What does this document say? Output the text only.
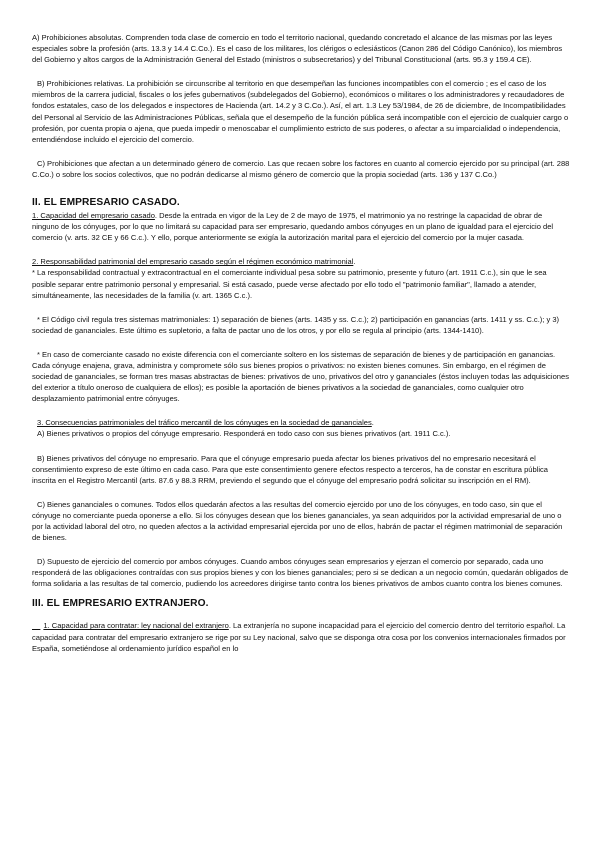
A) Prohibiciones absolutas. Comprenden toda clase de comercio en todo el territorio nacional, quedando concretado el alcance de las mismas por las leyes especiales sobre la profesión (arts. 13.3 y 14.4 C.Co.). Es el caso de los militares, los clérigos o eclesiásticos (Canon 286 del Código Canónico), los miembros del Gobierno y altos cargos de la Administración General del Estado (ministros o subsecretarios) y del Tribunal Constitucional (arts. 95.3 y 159.4 CE).

B) Prohibiciones relativas. La prohibición se circunscribe al territorio en que desempeñan las funciones incompatibles con el comercio ; es el caso de los miembros de la carrera judicial, fiscales o los jefes gubernativos (subdelegados del Gobierno), económicos o militares o los administradores y recaudadores de fondos estatales, caso de los delegados e inspectores de Hacienda (art. 14.2 y 3 C.Co.). Así, el art. 1.3 Ley 53/1984, de 26 de diciembre, de Incompatibilidades del Personal al Servicio de las Administraciones Públicas, señala que el desempeño de la función pública será incompatible con el ejercicio de cualquier cargo o profesión, por cuenta propia o ajena, que pueda impedir o menoscabar el cumplimiento estricto de sus poderes, o afectar a su imparcialidad o independencia, entendiéndose incluido el ejercicio del comercio.

C) Prohibiciones que afectan a un determinado género de comercio. Las que recaen sobre los factores en cuanto al comercio ejercido por su principal (art. 288 C.Co.) o sobre los socios colectivos, que no podrán dedicarse al mismo género de comercio que la propia sociedad (arts. 136 y 137 C.Co.)

II. EL EMPRESARIO CASADO.

1. Capacidad del empresario casado. Desde la entrada en vigor de la Ley de 2 de mayo de 1975, el matrimonio ya no restringe la capacidad de obrar de ninguno de los cónyuges, por lo que no limitará su capacidad para ser empresario, quedando ambos cónyuges en un plano de igualdad para el ejercicio del comercio (v. arts. 32 CE y 66 C.c.). Y ello, porque anteriormente se exigía la autorización marital para el ejercicio del comercio por la mujer casada.

2. Responsabilidad patrimonial del empresario casado según el régimen económico matrimonial.

* La responsabilidad contractual y extracontractual en el comerciante individual pesa sobre su patrimonio, presente y futuro (art. 1911 C.c.), sin que le sea posible separar entre patrimonio personal y empresarial. Si está casado, puede verse afectado por ello todo el "patrimonio familiar", llamado a atender, simultáneamente, las necesidades de la familia (v. art. 1365 C.c.).

* El Código civil regula tres sistemas matrimoniales: 1) separación de bienes (arts. 1435 y ss. C.c.); 2) participación en ganancias (arts. 1411 y ss. C.c.); y 3) sociedad de gananciales. Este último es supletorio, a falta de pactar uno de los otros, y por ello se regula al principio (arts. 1344-1410).

* En caso de comerciante casado no existe diferencia con el comerciante soltero en los sistemas de separación de bienes y de participación en ganancias. Cada cónyuge enajena, grava, administra y compromete sólo sus bienes propios o privativos: no existen bienes comunes. Sin embargo, en el régimen de sociedad de gananciales, se forman tres masas abstractas de bienes: privativos de uno, privativos del otro y gananciales (éstos incluyen todas las adquisiciones del exterior a título oneroso de cualquiera de ellos); es posible la aportación de bienes privativos a la sociedad de gananciales, como cualquier otro desplazamiento patrimonial entre cónyuges.

3. Consecuencias patrimoniales del tráfico mercantil de los cónyuges en la sociedad de gananciales.

A) Bienes privativos o propios del cónyuge empresario. Responderá en todo caso con sus bienes privativos (art. 1911 C.c.).

B) Bienes privativos del cónyuge no empresario. Para que el cónyuge empresario pueda afectar los bienes privativos del no empresario necesitará el consentimiento expreso de este último en cada caso. Para que este consentimiento genere efectos respecto a terceros, ha de constar en escritura pública inscrita en el Registro Mercantil (arts. 87.6 y 88.3 RRM, previendo el segundo que el cónyuge del empresario podrá solicitar su inscripción en el RM).

C) Bienes gananciales o comunes. Todos ellos quedarán afectos a las resultas del comercio ejercido por uno de los cónyuges, en todo caso, sin que el cónyuge no comerciante pueda oponerse a ello. Si los cónyuges desean que los bienes gananciales, ya sean adquiridos por la actividad empresarial de uno o por la actividad laboral del otro, no queden afectos a la actividad empresarial ejercida por uno de ellos, habrán de pactar el régimen matrimonial de separación de bienes.

D) Supuesto de ejercicio del comercio por ambos cónyuges. Cuando ambos cónyuges sean empresarios y ejerzan el comercio por separado, cada uno responderá de las obligaciones contraídas con sus propios bienes y con los bienes gananciales; pero si se dedican a un negocio común, quedarán obligados de forma solidaria a las resultas de tal comercio, pudiendo los acreedores dirigirse tanto contra los bienes privativos de ambos cuanto contra los bienes comunes.

III. EL EMPRESARIO EXTRANJERO.

1. Capacidad para contratar: ley nacional del extranjero. La extranjería no supone incapacidad para el ejercicio del comercio dentro del territorio español. La capacidad para contratar del empresario extranjero se rige por su Ley nacional, salvo que se disponga otra cosa por los convenios internacionales firmados por España, sometiéndose al ordenamiento jurídico español en lo
